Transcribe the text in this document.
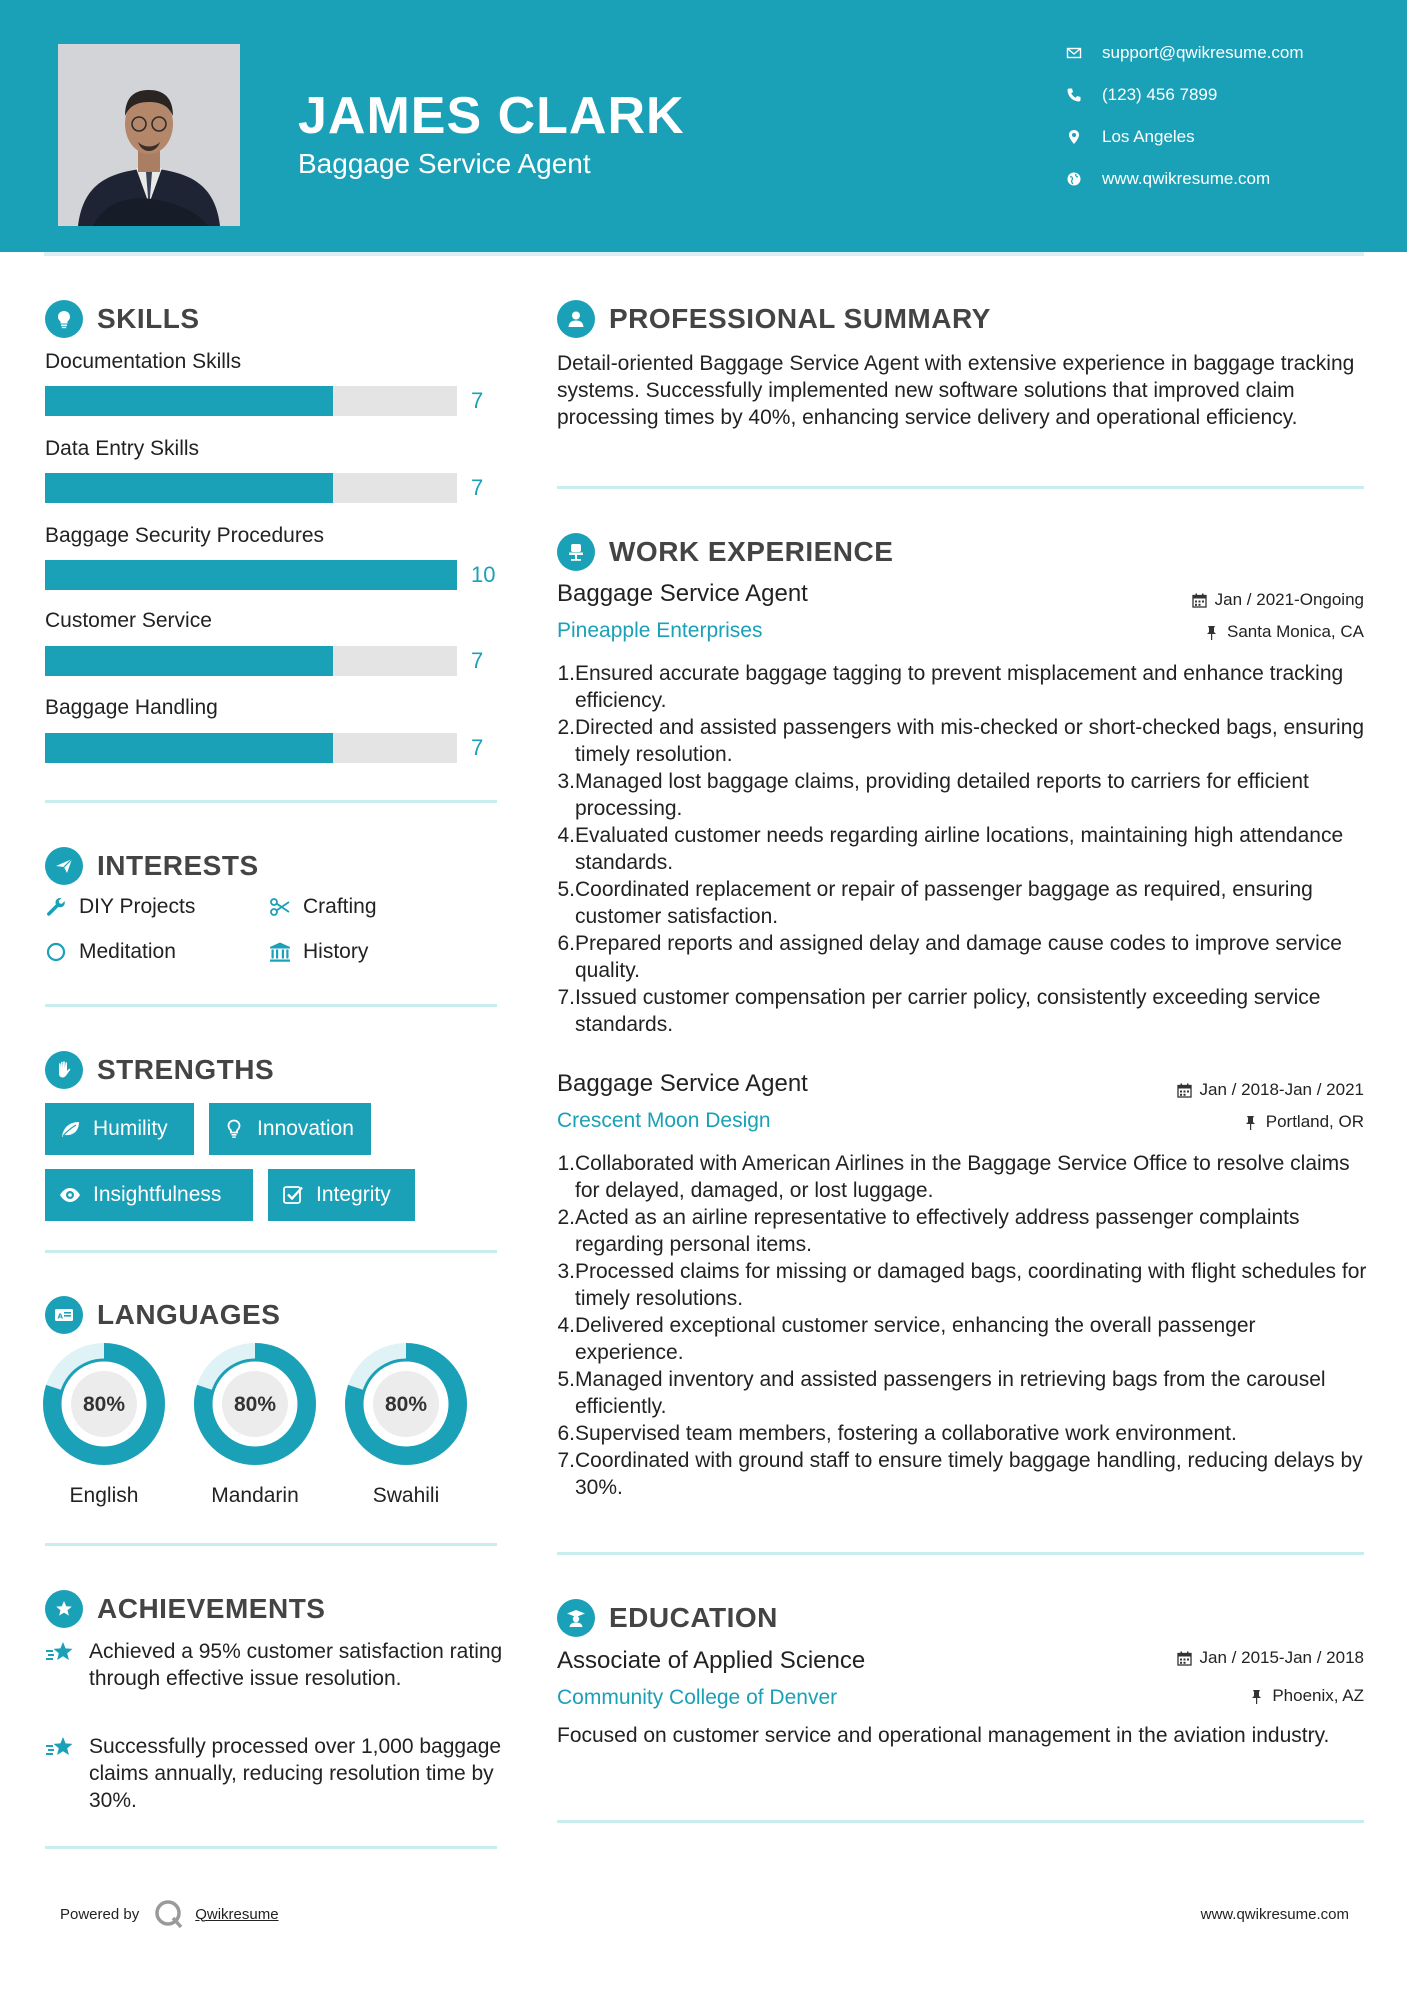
JAMES CLARK
Baggage Service Agent
support@qwikresume.com
(123) 456 7899
Los Angeles
www.qwikresume.com
SKILLS
Documentation Skills
7
Data Entry Skills
7
Baggage Security Procedures
10
Customer Service
7
Baggage Handling
7
INTERESTS
DIY Projects	Crafting
Meditation	History
STRENGTHS
Humility	Innovation
Insightfulness	Integrity
A LANGUAGES
80%
English
80%
Mandarin
80%
Swahili
ACHIEVEMENTS
Achieved a 95% customer satisfaction rating through effective issue resolution.
Successfully processed over 1,000 baggage claims annually, reducing resolution time by 30%.
PROFESSIONAL SUMMARY
Detail-oriented Baggage Service Agent with extensive experience in baggage tracking systems. Successfully implemented new software solutions that improved claim processing times by 40%, enhancing service delivery and operational efficiency.
WORK EXPERIENCE
Baggage Service Agent
Pineapple Enterprises
Jan / 2021-Ongoing
Santa Monica, CA
1. Ensured accurate baggage tagging to prevent misplacement and enhance tracking efficiency.
2. Directed and assisted passengers with mis-checked or short-checked bags, ensuring timely resolution.
3. Managed lost baggage claims, providing detailed reports to carriers for efficient processing.
4. Evaluated customer needs regarding airline locations, maintaining high attendance standards.
5. Coordinated replacement or repair of passenger baggage as required, ensuring customer satisfaction.
6. Prepared reports and assigned delay and damage cause codes to improve service quality.
7. Issued customer compensation per carrier policy, consistently exceeding service standards.
Baggage Service Agent
Crescent Moon Design
Jan / 2018-Jan / 2021
Portland, OR
1. Collaborated with American Airlines in the Baggage Service Office to resolve claims for delayed, damaged, or lost luggage.
2. Acted as an airline representative to effectively address passenger complaints regarding personal items.
3. Processed claims for missing or damaged bags, coordinating with flight schedules for timely resolutions.
4. Delivered exceptional customer service, enhancing the overall passenger experience.
5. Managed inventory and assisted passengers in retrieving bags from the carousel efficiently.
6. Supervised team members, fostering a collaborative work environment.
7. Coordinated with ground staff to ensure timely baggage handling, reducing delays by 30%.
EDUCATION
Associate of Applied Science
Community College of Denver
Jan / 2015-Jan / 2018
Phoenix, AZ
Focused on customer service and operational management in the aviation industry.
Powered by	Qwikresume	www.qwikresume.com
